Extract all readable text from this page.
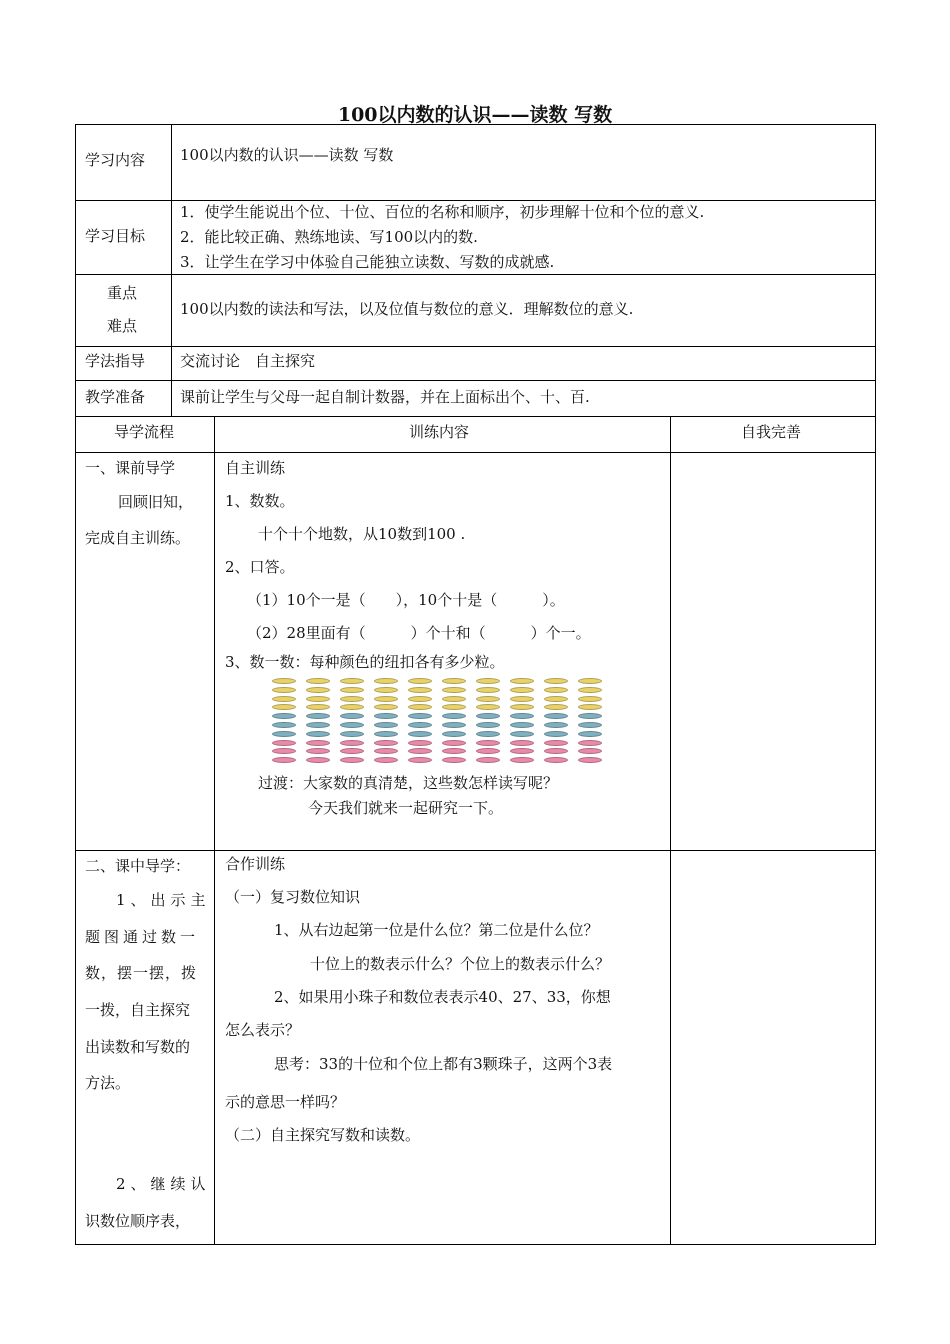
100以内数的认识——读数 写数
学习内容 100以内数的认识——读数 写数
学习目标
1．使学生能说出个位、十位、百位的名称和顺序，初步理解十位和个位的意义.
2．能比较正确、熟练地读、写100以内的数.
3．让学生在学习中体验自己能独立读数、写数的成就感.
重点
难点
100以内数的读法和写法，以及位值与数位的意义．理解数位的意义.
学法指导 交流讨论　自主探究
教学准备 课前让学生与父母一起自制计数器，并在上面标出个、十、百.
导学流程	训练内容	自我完善
一、课前导学
回顾旧知，
完成自主训练。
自主训练
1、数数。
十个十个地数，从10数到100 .
2、口答。
（1）10个一是（　　），10个十是（　　　）。
（2）28里面有（　　　）个十和（　　　）个一。
3、数一数：每种颜色的纽扣各有多少粒。
过渡：大家数的真清楚，这些数怎样读写呢？
今天我们就来一起研究一下。
二、课中导学：
1、出示主
题图通过数一
数，摆一摆，拨
一拨，自主探究
出读数和写数的
方法。
2、继续认
识数位顺序表，
合作训练
（一）复习数位知识
1、从右边起第一位是什么位？第二位是什么位？
十位上的数表示什么？个位上的数表示什么？
2、如果用小珠子和数位表表示40、27、33，你想
怎么表示？
思考：33的十位和个位上都有3颗珠子，这两个3表
示的意思一样吗？
（二）自主探究写数和读数。
